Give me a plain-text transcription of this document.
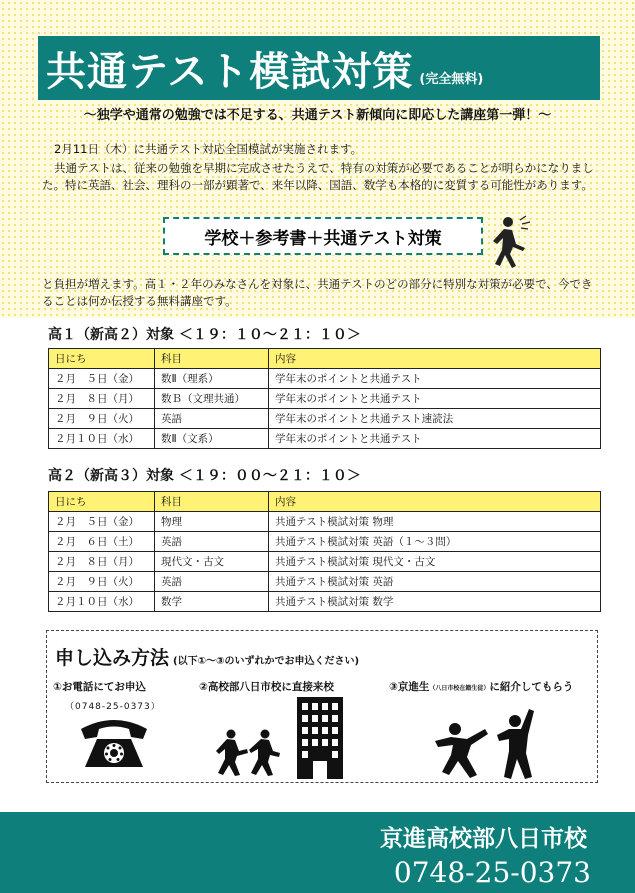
共通テスト模試対策 (完全無料)
～独学や通常の勉強では不足する、共通テスト新傾向に即応した講座第一弾！～
2月11日（木）に共通テスト対応全国模試が実施されます。
共通テストは、従来の勉強を早期に完成させたうえで、特有の対策が必要であることが明らかになりました。特に英語、社会、理科の一部が顕著で、来年以降、国語、数学も本格的に変質する可能性があります。
学校＋参考書＋共通テスト対策
と負担が増えます。高１・２年のみなさんを対象に、共通テストのどの部分に特別な対策が必要で、今できることは何か伝授する無料講座です。
高１（新高２）対象 ＜１９：１０～２１：１０＞
日にち	科目	内容
２月　５日（金）	数Ⅱ（理系）	学年末のポイントと共通テスト
２月　８日（月）	数Ｂ（文理共通）	学年末のポイントと共通テスト
２月　９日（火）	英語	学年末のポイントと共通テスト速読法
２月１０日（水）	数Ⅱ（文系）	学年末のポイントと共通テスト
高２（新高３）対象 ＜１９：００～２１：１０＞
日にち	科目	内容
２月　５日（金）	物理	共通テスト模試対策 物理
２月　６日（土）	英語	共通テスト模試対策 英語（１～３問）
２月　８日（月）	現代文・古文	共通テスト模試対策 現代文・古文
２月　９日（火）	英語	共通テスト模試対策 英語
２月１０日（水）	数学	共通テスト模試対策 数学
申し込み方法 (以下①～③のいずれかでお申込ください)
①お電話にてお申込
（0748-25-0373）
②高校部八日市校に直接来校	③京進生（八日市校在籍生徒）に紹介してもらう
京進高校部八日市校
0748-25-0373
